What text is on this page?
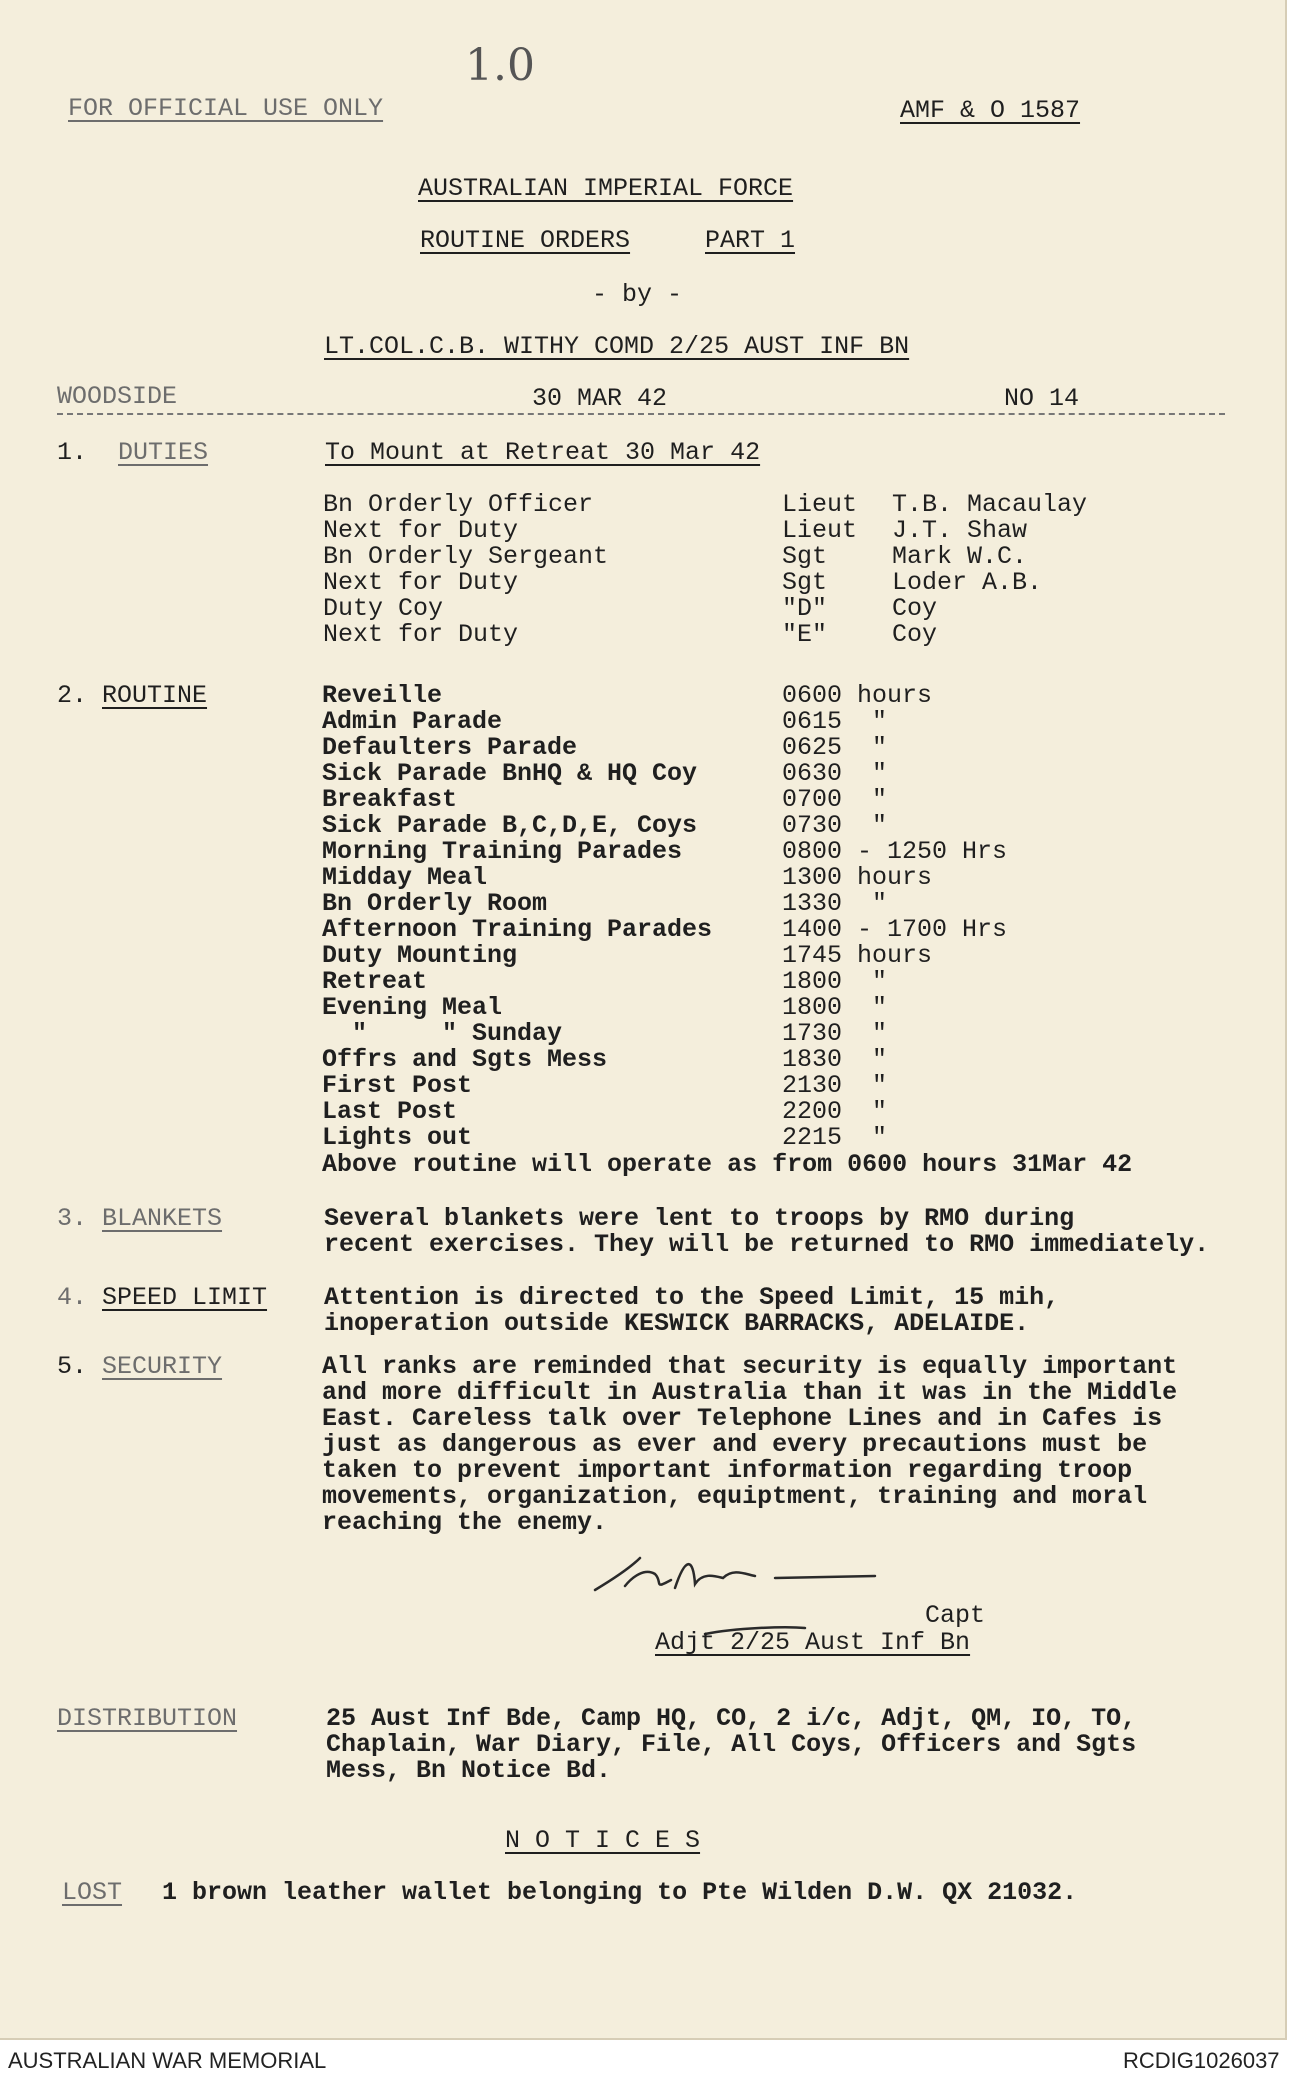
1.0
FOR OFFICIAL USE ONLY	AMF & O 1587
AUSTRALIAN IMPERIAL FORCE
ROUTINE ORDERS	PART 1
- by -
LT.COL.C.B. WITHY COMD 2/25 AUST INF BN
WOODSIDE	30 MAR 42	NO 14
1. DUTIES	To Mount at Retreat 30 Mar 42
Bn Orderly Officer	Lieut T.B. Macaulay
Next for Duty	Lieut J.T. Shaw
Bn Orderly Sergeant	Sgt	Mark W.C.
Next for Duty	Sgt	Loder A.B.
Duty Coy	"D"	Coy
Next for Duty	"E"	Coy
2. ROUTINE	Reveille	0600 hours
Admin Parade	0615  "
Defaulters Parade	0625  "
Sick Parade BnHQ & HQ Coy	0630  "
Breakfast	0700  "
Sick Parade B,C,D,E, Coys	0730  "
Morning Training Parades	0800 - 1250 Hrs
Midday Meal	1300 hours
Bn Orderly Room	1330  "
Afternoon Training Parades	1400 - 1700 Hrs
Duty Mounting	1745 hours
Retreat	1800  "
Evening Meal	1800  "
"     " Sunday	1730  "
Offrs and Sgts Mess	1830  "
First Post	2130  "
Last Post	2200  "
Lights out	2215  "
Above routine will operate as from 0600 hours 31Mar 42
3. BLANKETS	Several blankets were lent to troops by RMO during
recent exercises. They will be returned to RMO immediately.
4. SPEED LIMIT Attention is directed to the Speed Limit, 15 mih,
inoperation outside KESWICK BARRACKS, ADELAIDE.
5. SECURITY	All ranks are reminded that security is equally important
and more difficult in Australia than it was in the Middle
East. Careless talk over Telephone Lines and in Cafes is
just as dangerous as ever and every precautions must be
taken to prevent important information regarding troop
movements, organization, equiptment, training and moral
reaching the enemy.
Capt
Adjt 2/25 Aust Inf Bn
DISTRIBUTION	25 Aust Inf Bde, Camp HQ, CO, 2 i/c, Adjt, QM, IO, TO,
Chaplain, War Diary, File, All Coys, Officers and Sgts
Mess, Bn Notice Bd.
N O T I C E S
LOST 1 brown leather wallet belonging to Pte Wilden D.W. QX 21032.
AUSTRALIAN WAR MEMORIAL	RCDIG1026037
